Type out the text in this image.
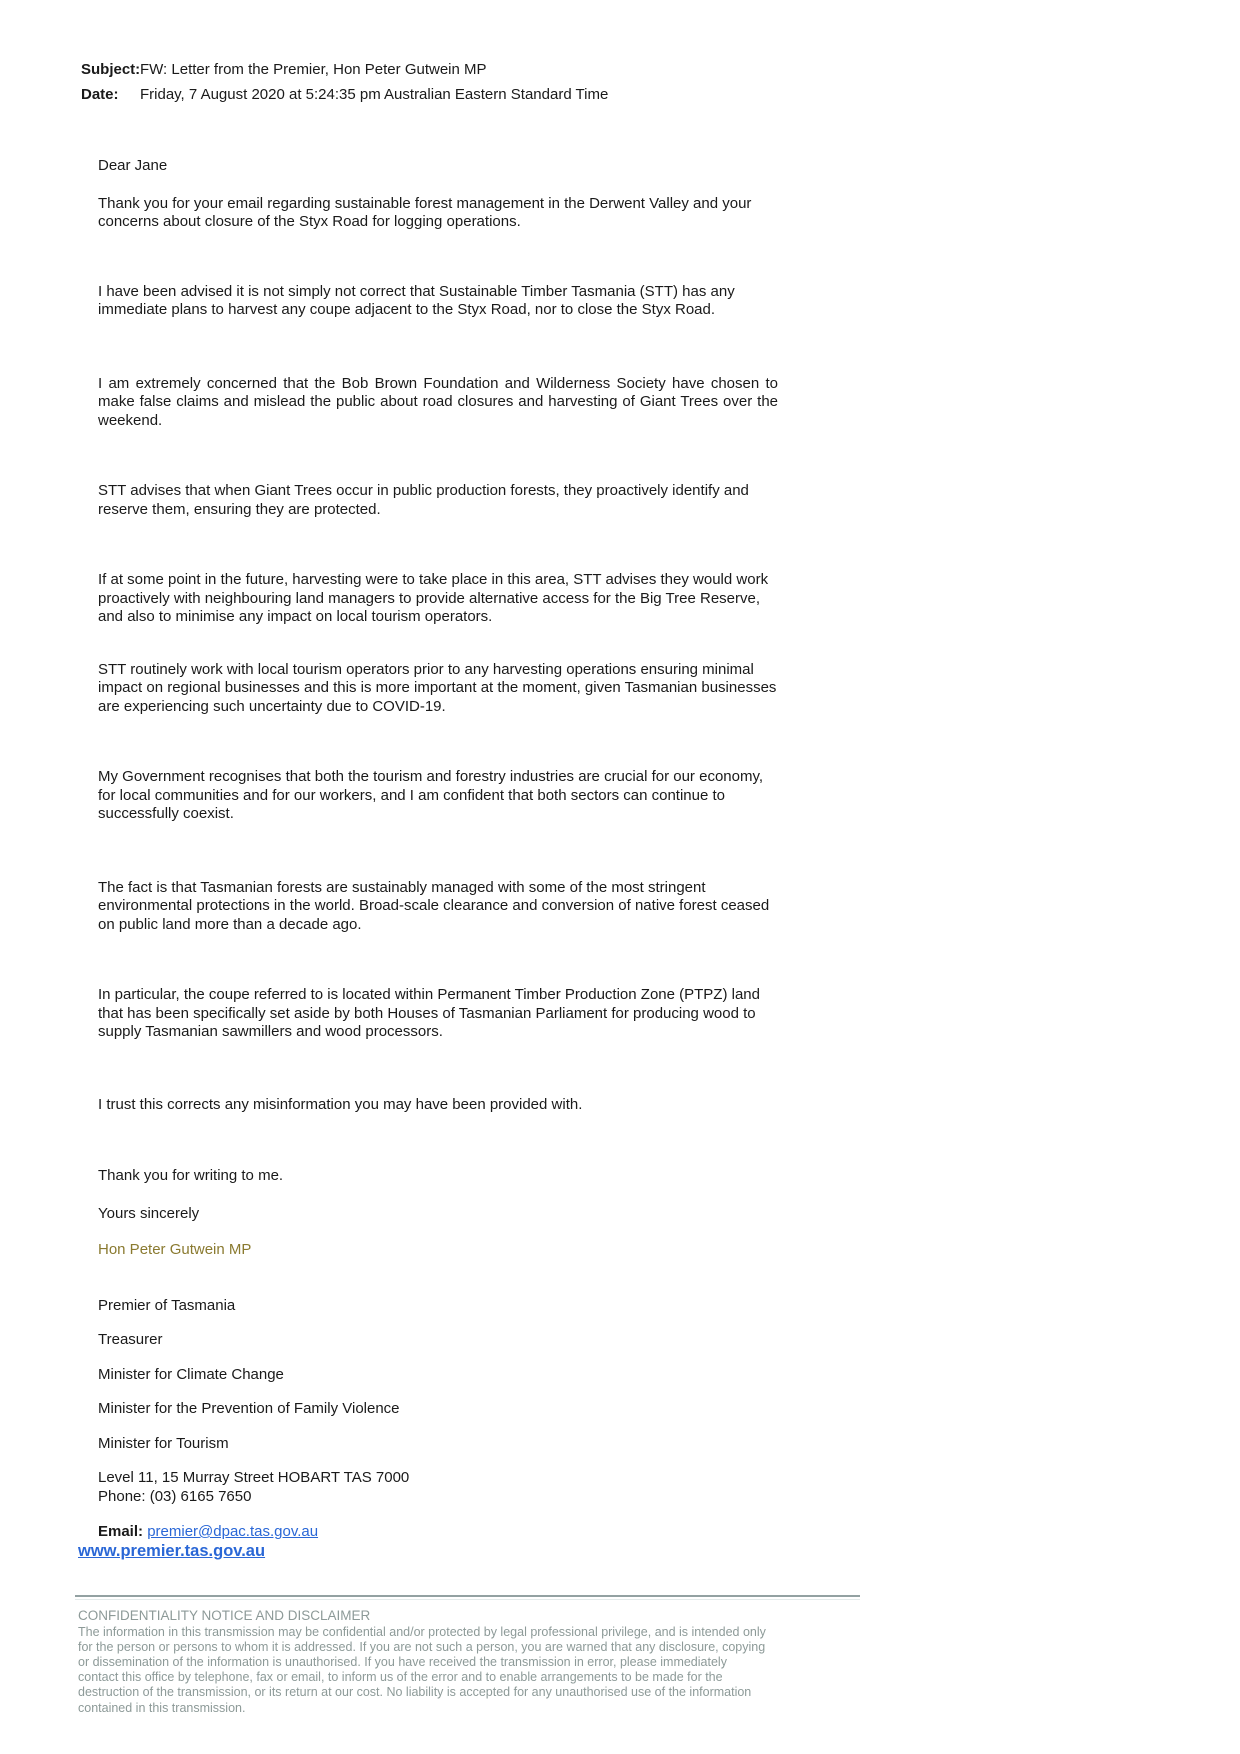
Subject: FW: Letter from the Premier, Hon Peter Gutwein MP
Date:	Friday, 7 August 2020 at 5:24:35 pm Australian Eastern Standard Time

Dear Jane

Thank you for your email regarding sustainable forest management in the Derwent Valley and your concerns about closure of the Styx Road for logging operations.

I have been advised it is not simply not correct that Sustainable Timber Tasmania (STT) has any immediate plans to harvest any coupe adjacent to the Styx Road, nor to close the Styx Road.

I am extremely concerned that the Bob Brown Foundation and Wilderness Society have chosen to make false claims and mislead the public about road closures and harvesting of Giant Trees over the weekend.

STT advises that when Giant Trees occur in public production forests, they proactively identify and reserve them, ensuring they are protected.

If at some point in the future, harvesting were to take place in this area, STT advises they would work proactively with neighbouring land managers to provide alternative access for the Big Tree Reserve, and also to minimise any impact on local tourism operators.

STT routinely work with local tourism operators prior to any harvesting operations ensuring minimal impact on regional businesses and this is more important at the moment, given Tasmanian businesses are experiencing such uncertainty due to COVID-19.

My Government recognises that both the tourism and forestry industries are crucial for our economy, for local communities and for our workers, and I am confident that both sectors can continue to successfully coexist.

The fact is that Tasmanian forests are sustainably managed with some of the most stringent environmental protections in the world. Broad-scale clearance and conversion of native forest ceased on public land more than a decade ago.

In particular, the coupe referred to is located within Permanent Timber Production Zone (PTPZ) land that has been specifically set aside by both Houses of Tasmanian Parliament for producing wood to supply Tasmanian sawmillers and wood processors.

I trust this corrects any misinformation you may have been provided with.

Thank you for writing to me.

Yours sincerely

Hon Peter Gutwein MP

Premier of Tasmania

Treasurer

Minister for Climate Change

Minister for the Prevention of Family Violence

Minister for Tourism

Level 11, 15 Murray Street HOBART TAS 7000
Phone: (03) 6165 7650

Email: premier@dpac.tas.gov.au

www.premier.tas.gov.au
CONFIDENTIALITY NOTICE AND DISCLAIMER
The information in this transmission may be confidential and/or protected by legal professional privilege, and is intended only for the person or persons to whom it is addressed. If you are not such a person, you are warned that any disclosure, copying or dissemination of the information is unauthorised. If you have received the transmission in error, please immediately contact this office by telephone, fax or email, to inform us of the error and to enable arrangements to be made for the destruction of the transmission, or its return at our cost. No liability is accepted for any unauthorised use of the information contained in this transmission.
